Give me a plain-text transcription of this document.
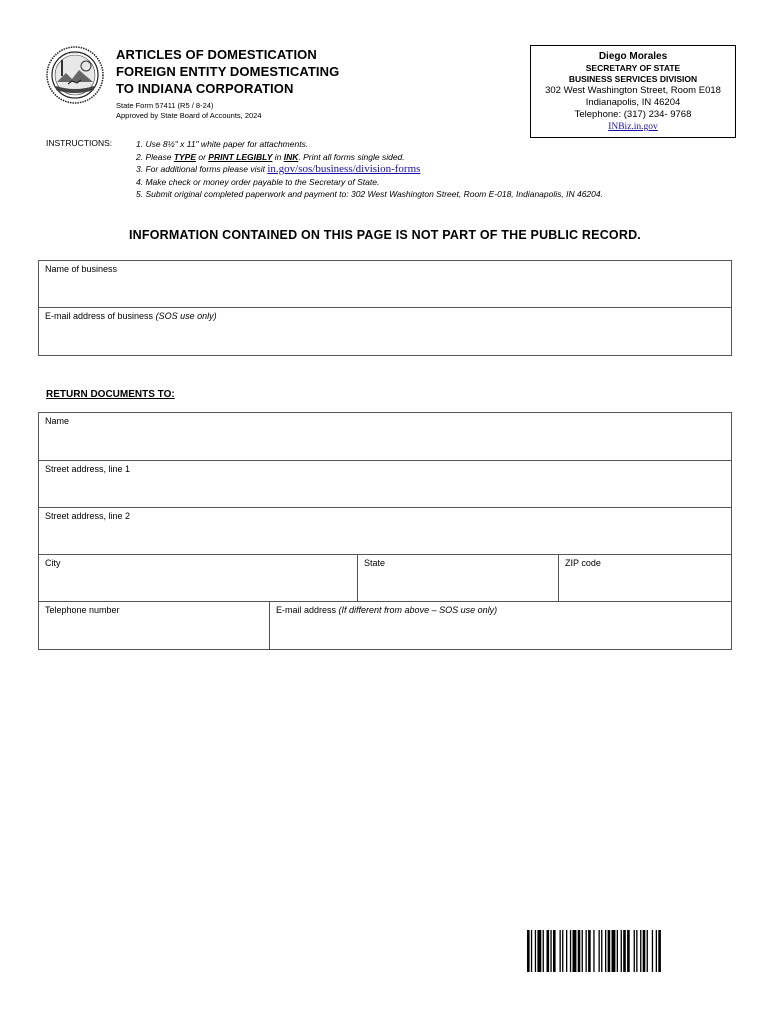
· · · · · · · · · ARTICLES OF DOMESTICATION
FOREIGN ENTITY DOMESTICATING
TO INDIANA CORPORATION
State Form 57411 (R5 / 8-24)
Approved by State Board of Accounts, 2024
Diego Morales
SECRETARY OF STATE
BUSINESS SERVICES DIVISION
302 West Washington Street, Room E018
Indianapolis, IN 46204
Telephone: (317) 234- 9768
INBiz.in.gov
INSTRUCTIONS:	1. Use 8½" x 11" white paper for attachments.
2. Please TYPE or PRINT LEGIBLY in INK. Print all forms single sided.
3. For additional forms please visit in.gov/sos/business/division-forms
4. Make check or money order payable to the Secretary of State.
5. Submit original completed paperwork and payment to: 302 West Washington Street, Room E-018, Indianapolis, IN 46204.
INFORMATION CONTAINED ON THIS PAGE IS NOT PART OF THE PUBLIC RECORD.
Name of business
E-mail address of business (SOS use only)
RETURN DOCUMENTS TO:
Name
Street address, line 1
Street address, line 2
City	State	ZIP code
Telephone number	E-mail address (If different from above – SOS use only)
